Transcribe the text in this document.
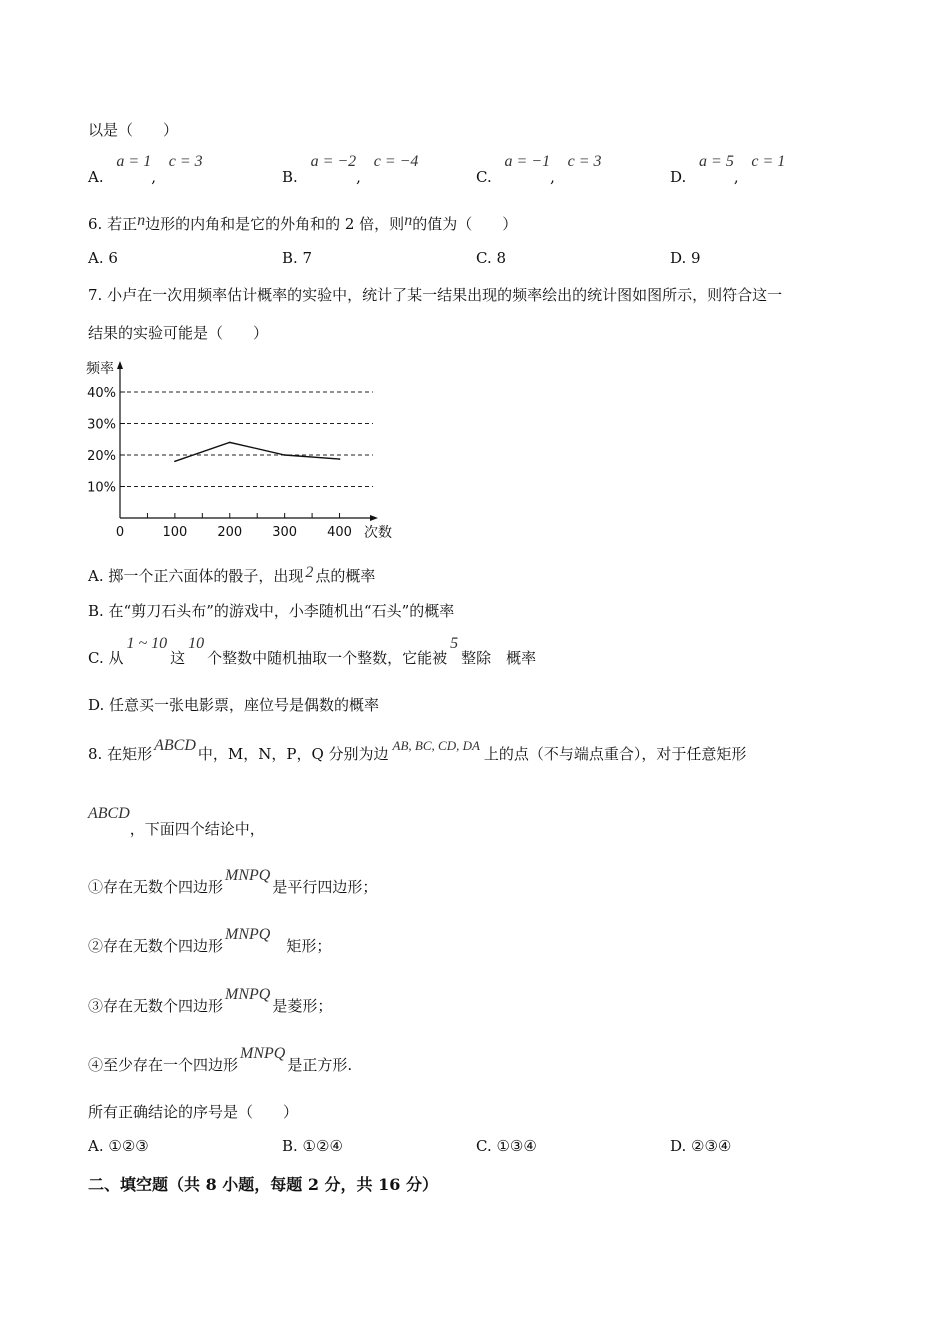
以是（　　）
A. a = 1, c = 3
B. a = −2, c = −4
C. a = −1, c = 3
D. a = 5, c = 1
6. 若正n边形的内角和是它的外角和的 2 倍，则n的值为（　　）
A. 6	B. 7	C. 8	D. 9
7. 小卢在一次用频率估计概率的实验中，统计了某一结果出现的频率绘出的统计图如图所示，则符合这一
结果的实验可能是（　　）
10%
20%
30%
40%
0	100 200 300 400
频率
次数
A. 掷一个正六面体的骰子，出现 2 点的概率
B. 在“剪刀石头布”的游戏中，小李随机出“石头”的概率
C. 从1 ~ 10这10个整数中随机抽取一个整数，它能被5整除　概率
D. 任意买一张电影票，座位号是偶数的概率
8. 在矩形 ABCD 中，M，N，P，Q 分别为边 AB, BC, CD, DA 上的点（不与端点重合），对于任意矩形
ABCD，下面四个结论中，
①存在无数个四边形MNPQ是平行四边形；
②存在无数个四边形MNPQ矩形；
③存在无数个四边形MNPQ是菱形；
④至少存在一个四边形MNPQ是正方形.
所有正确结论的序号是（　　）
A. ①②③	B. ①②④	C. ①③④	D. ②③④
二、填空题（共 8 小题，每题 2 分，共 16 分）
